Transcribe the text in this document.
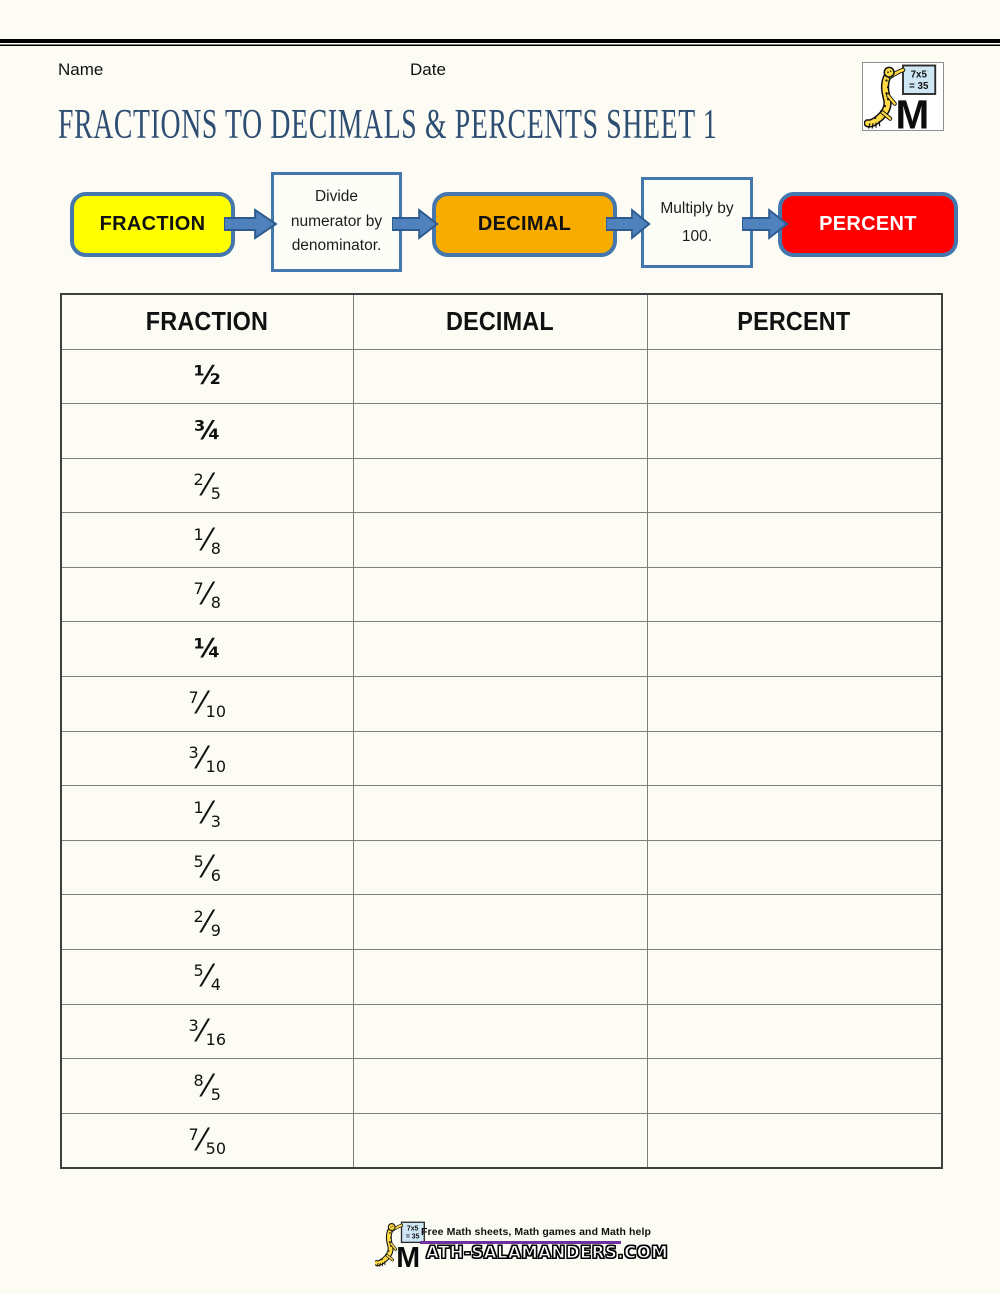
Name	Date	7x5
= 35
M
FRACTIONS TO DECIMALS & PERCENTS SHEET 1
FRACTION
Divide numerator by denominator.
DECIMAL
Multiply by 100.
PERCENT
FRACTION	DECIMAL	PERCENT
½		
¾		
2⁄5		
1⁄8		
7⁄8		
¼		
7⁄10		
3⁄10		
1⁄3		
5⁄6		
2⁄9		
5⁄4		
3⁄16		
8⁄5		
7⁄50		
Free Math sheets, Math games and Math help
ATH-SALAMANDERS.COM
